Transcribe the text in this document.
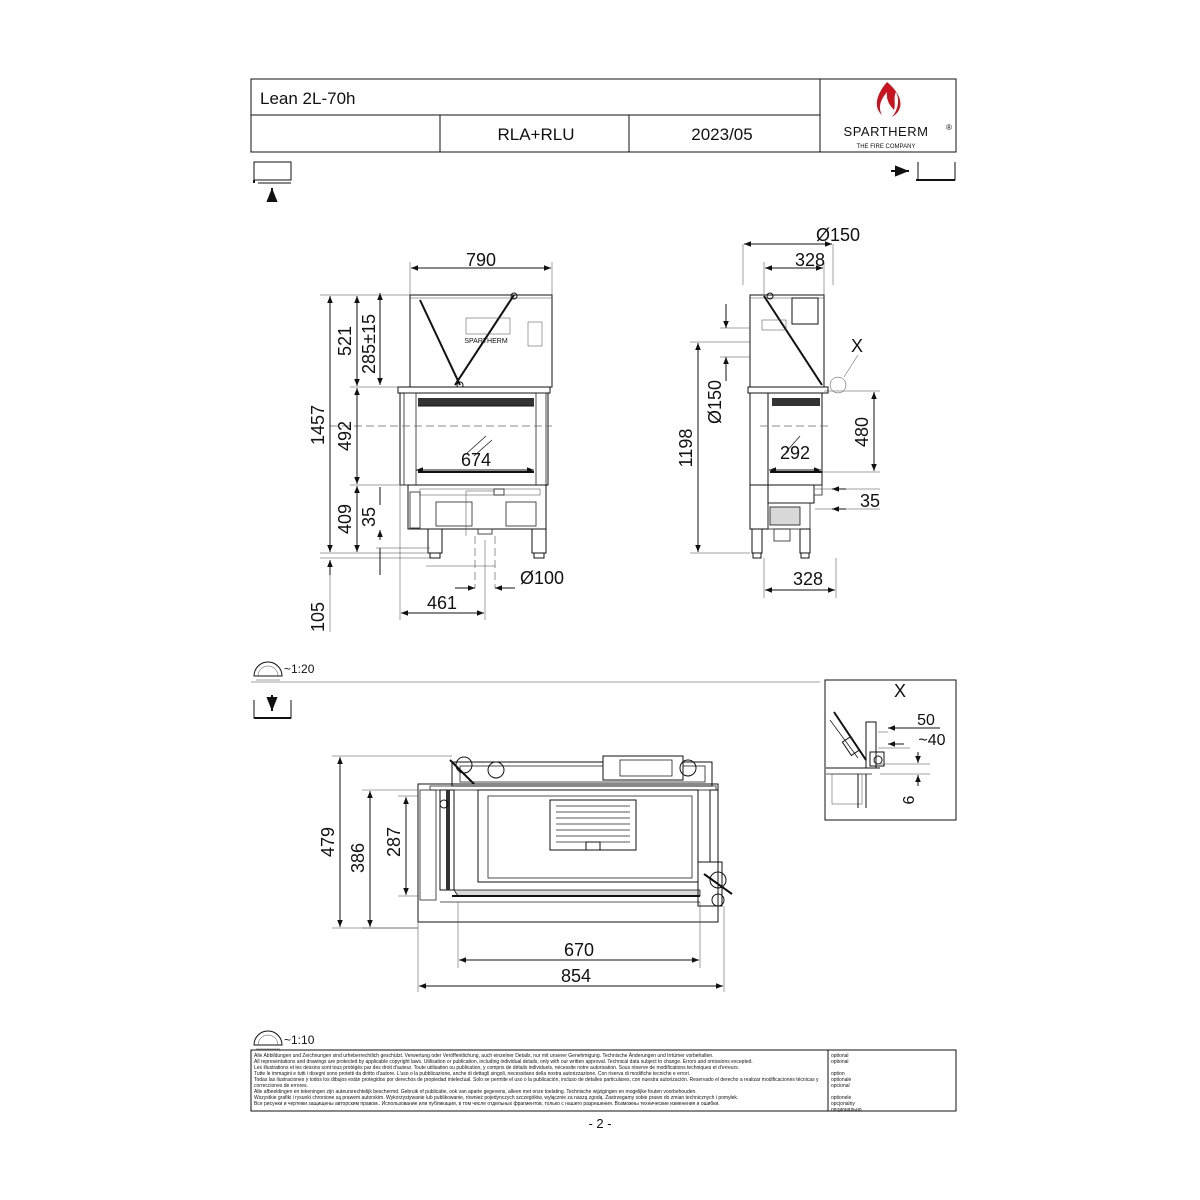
Lean 2L-70h
RLA+RLU	2023/05	SPARTHERM ®
THE FIRE COMPANY
SPARTHERM
790
1457
521 285±15
492
409 35
105
Ø100
461
674
Ø150
328
1198
Ø150
480
292
35
328
X
~1:20
479
386
287
670
854
X
50
~40
6
~1:10
- 2 -
Alle Abbildungen und Zeichnungen sind urheberrechtlich geschützt. Verwertung oder Veröffentlichung, auch einzelner Details, nur mit unserer Genehmigung. Technische Änderungen und Irrtümer vorbehalten.
All representations and drawings are protected by applicable copyright laws. Utilisation or publication, including individual details, only with our written approval. Technical data subject to change. Errors and omissions excepted.
Les illustrations et les dessins sont tous protégés par des droit d'auteur. Toute utilisation ou publication, y compris de détails individuels, nécessite notre autorisation. Sous réserve de modifications techniques et d'erreurs.
Tutte le immagini e tutti i disegni sono protetti da diritto d'autore. L'uso o la pubblicazione, anche di dettagli singoli, necessitano della nostra autorizzazione. Con riserva di modifiche tecniche e errori.
Todas las ilustraciones y todos los dibujos están protegidos por derechos de propiedad intelectual. Solo se permite el uso o la publicación, incluso de detalles particulares, con nuestra autorización. Reservado el derecho a realizar modificaciones técnicas y correcciones de errores.
Alle afbeeldingen en tekeningen zijn auteursrechtelijk beschermd. Gebruik of publicatie, ook van aparte gegevens, alleen met onze toelating. Technische wijzigingen en mogelijke fouten voorbehouden.
Wszystkie grafiki i rysunki chronione są prawem autorskim. Wykorzystywanie lub publikowanie, również pojedynczych szczegółów, wyłącznie za naszą zgodą. Zastrzegamy sobie prawo do zmian technicznych i pomyłek.
Все рисунки и чертежи защищены авторским правом.. Использование или публикация, в том числе отдельных фрагментов, только с нашего разрешения. Возможны технические изменения и ошибки.
optional
optional
option
optionale
opcional
optionele
opcjonalny
опционально
